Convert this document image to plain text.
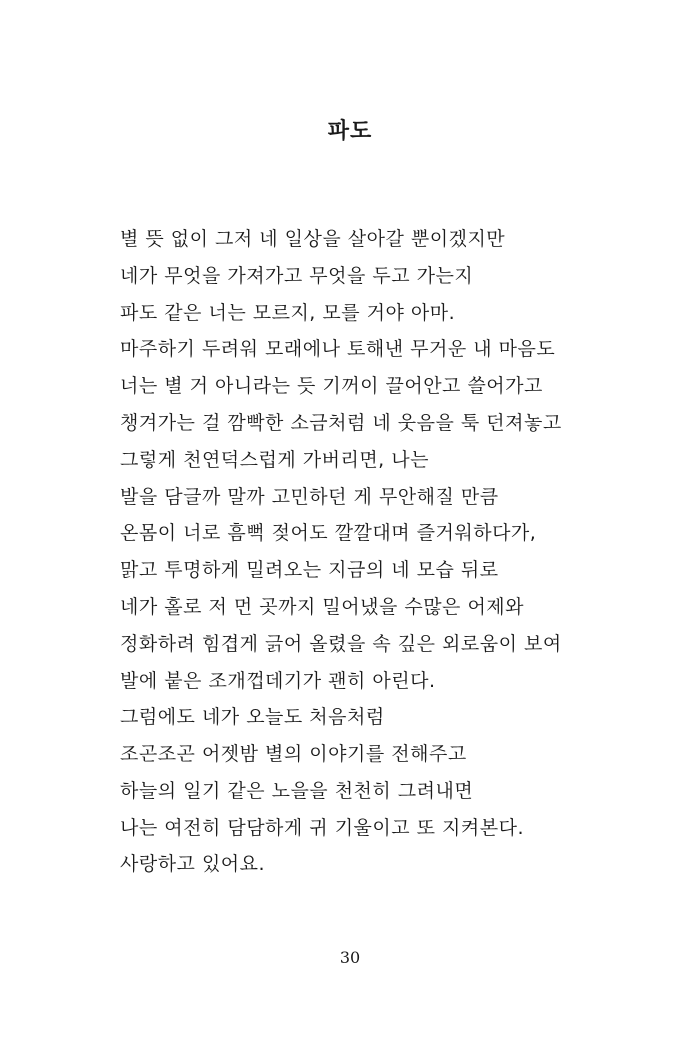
파도
별 뜻 없이 그저 네 일상을 살아갈 뿐이겠지만
네가 무엇을 가져가고 무엇을 두고 가는지
파도 같은 너는 모르지, 모를 거야 아마.
마주하기 두려워 모래에나 토해낸 무거운 내 마음도
너는 별 거 아니라는 듯 기꺼이 끌어안고 쓸어가고
챙겨가는 걸 깜빡한 소금처럼 네 웃음을 툭 던져놓고
그렇게 천연덕스럽게 가버리면, 나는
발을 담글까 말까 고민하던 게 무안해질 만큼
온몸이 너로 흠뻑 젖어도 깔깔대며 즐거워하다가,
맑고 투명하게 밀려오는 지금의 네 모습 뒤로
네가 홀로 저 먼 곳까지 밀어냈을 수많은 어제와
정화하려 힘겹게 긁어 올렸을 속 깊은 외로움이 보여
발에 붙은 조개껍데기가 괜히 아린다.
그럼에도 네가 오늘도 처음처럼
조곤조곤 어젯밤 별의 이야기를 전해주고
하늘의 일기 같은 노을을 천천히 그려내면
나는 여전히 담담하게 귀 기울이고 또 지켜본다.
사랑하고 있어요.
30
